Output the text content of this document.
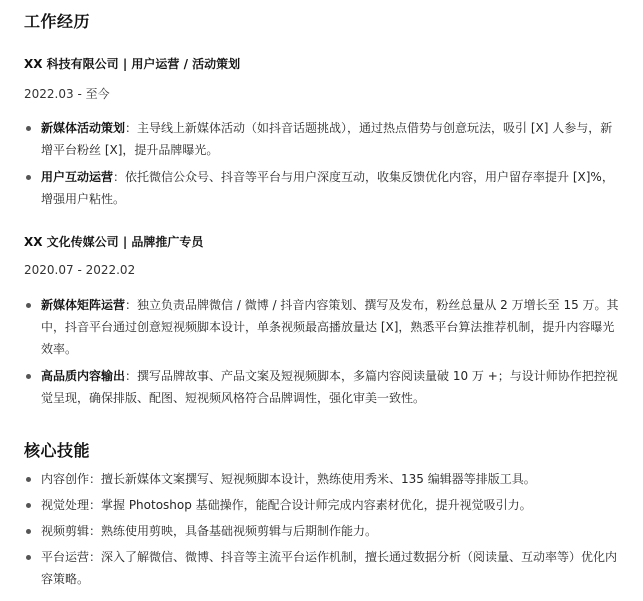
工作经历

XX 科技有限公司 | 用户运营 / 活动策划

2022.03 - 至今

新媒体活动策划：主导线上新媒体活动（如抖音话题挑战），通过热点借势与创意玩法，吸引 [X] 人参与，新增平台粉丝 [X]，提升品牌曝光。
用户互动运营：依托微信公众号、抖音等平台与用户深度互动，收集反馈优化内容，用户留存率提升 [X]%，增强用户粘性。

XX 文化传媒公司 | 品牌推广专员

2020.07 - 2022.02

新媒体矩阵运营：独立负责品牌微信 / 微博 / 抖音内容策划、撰写及发布，粉丝总量从 2 万增长至 15 万。其中，抖音平台通过创意短视频脚本设计，单条视频最高播放量达 [X]，熟悉平台算法推荐机制，提升内容曝光效率。
高品质内容输出：撰写品牌故事、产品文案及短视频脚本，多篇内容阅读量破 10 万 +；与设计师协作把控视觉呈现，确保排版、配图、短视频风格符合品牌调性，强化审美一致性。
核心技能
内容创作：擅长新媒体文案撰写、短视频脚本设计，熟练使用秀米、135 编辑器等排版工具。
视觉处理：掌握 Photoshop 基础操作，能配合设计师完成内容素材优化，提升视觉吸引力。
视频剪辑：熟练使用剪映，具备基础视频剪辑与后期制作能力。
平台运营：深入了解微信、微博、抖音等主流平台运作机制，擅长通过数据分析（阅读量、互动率等）优化内容策略。
